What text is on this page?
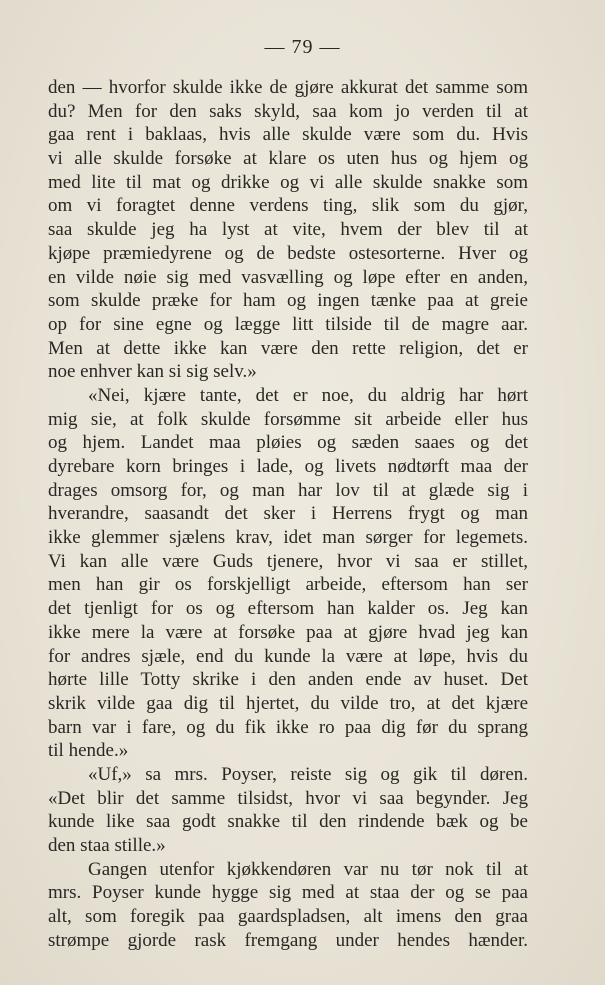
— 79 —
den — hvorfor skulde ikke de gjøre akkurat det samme som
du? Men for den saks skyld, saa kom jo verden til at
gaa rent i baklaas, hvis alle skulde være som du. Hvis
vi alle skulde forsøke at klare os uten hus og hjem og
med lite til mat og drikke og vi alle skulde snakke som
om vi foragtet denne verdens ting, slik som du gjør,
saa skulde jeg ha lyst at vite, hvem der blev til at
kjøpe præmiedyrene og de bedste ostesorterne. Hver og
en vilde nøie sig med vasvælling og løpe efter en anden,
som skulde præke for ham og ingen tænke paa at greie
op for sine egne og lægge litt tilside til de magre aar.
Men at dette ikke kan være den rette religion, det er
noe enhver kan si sig selv.»
«Nei, kjære tante, det er noe, du aldrig har hørt
mig sie, at folk skulde forsømme sit arbeide eller hus
og hjem. Landet maa pløies og sæden saaes og det
dyrebare korn bringes i lade, og livets nødtørft maa der
drages omsorg for, og man har lov til at glæde sig i
hverandre, saasandt det sker i Herrens frygt og man
ikke glemmer sjælens krav, idet man sørger for legemets.
Vi kan alle være Guds tjenere, hvor vi saa er stillet,
men han gir os forskjelligt arbeide, eftersom han ser
det tjenligt for os og eftersom han kalder os. Jeg kan
ikke mere la være at forsøke paa at gjøre hvad jeg kan
for andres sjæle, end du kunde la være at løpe, hvis du
hørte lille Totty skrike i den anden ende av huset. Det
skrik vilde gaa dig til hjertet, du vilde tro, at det kjære
barn var i fare, og du fik ikke ro paa dig før du sprang
til hende.»
«Uf,» sa mrs. Poyser, reiste sig og gik til døren.
«Det blir det samme tilsidst, hvor vi saa begynder. Jeg
kunde like saa godt snakke til den rindende bæk og be
den staa stille.»
Gangen utenfor kjøkkendøren var nu tør nok til at
mrs. Poyser kunde hygge sig med at staa der og se paa
alt, som foregik paa gaardspladsen, alt imens den graa
strømpe gjorde rask fremgang under hendes hænder.
